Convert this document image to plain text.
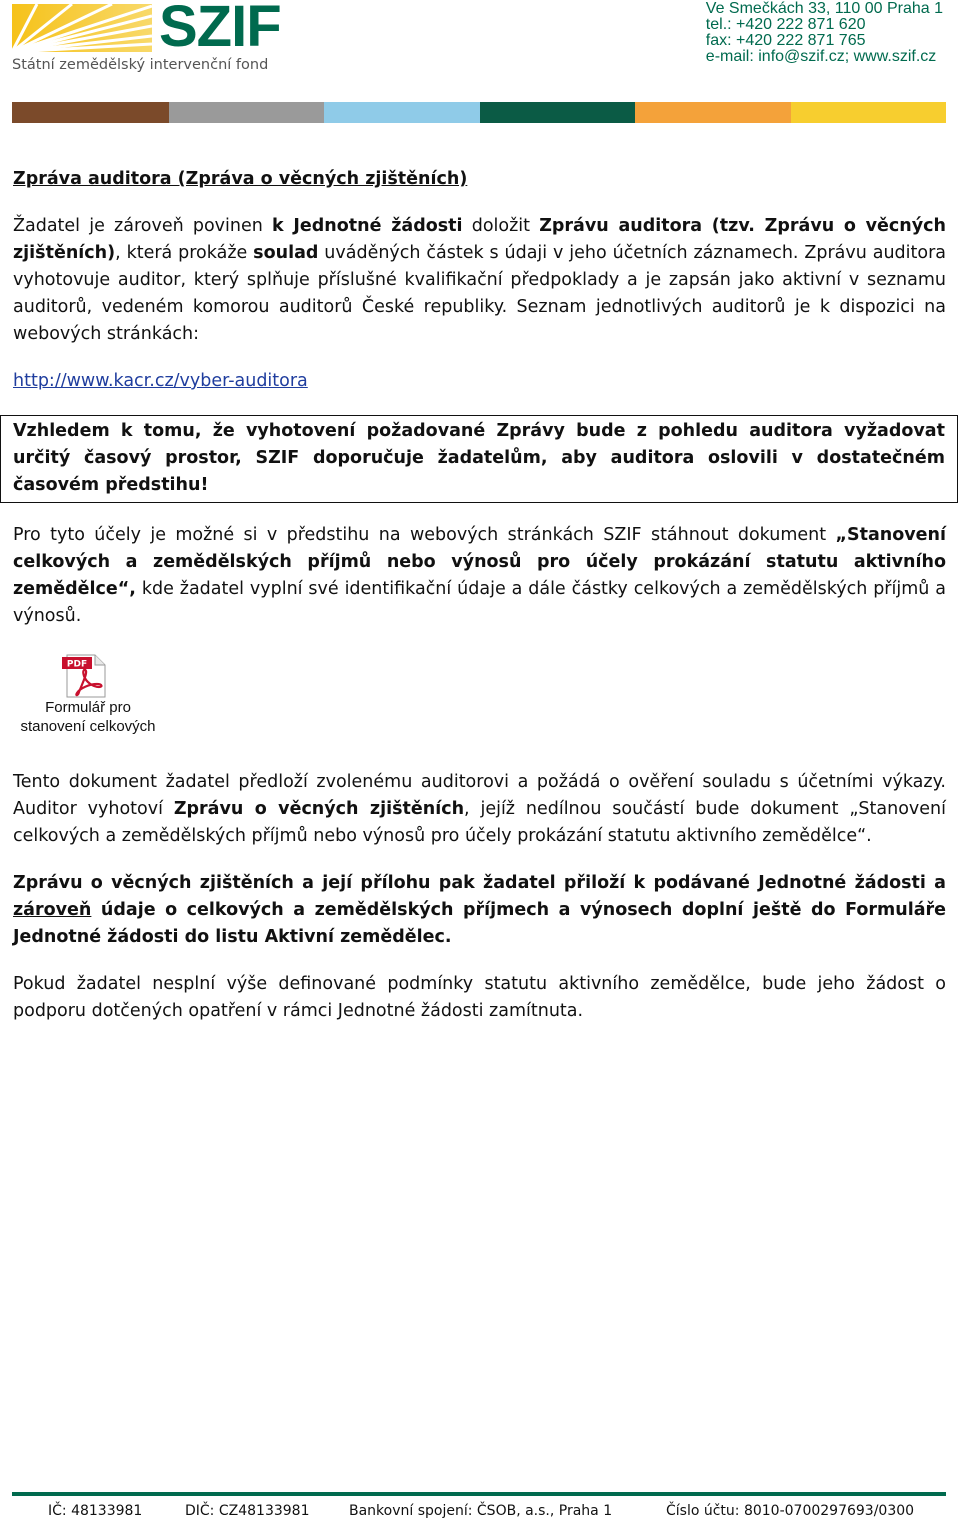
SZIF
Státní zemědělský intervenční fond
Ve Smečkách 33, 110 00 Praha 1
tel.: +420 222 871 620
fax: +420 222 871 765
e-mail: info@szif.cz; www.szif.cz
Zpráva auditora (Zpráva o věcných zjištěních)

Žadatel je zároveň povinen k Jednotné žádosti doložit Zprávu auditora (tzv. Zprávu o věcných zjištěních), která prokáže soulad uváděných částek s údaji v jeho účetních záznamech. Zprávu auditora vyhotovuje auditor, který splňuje příslušné kvalifikační předpoklady a je zapsán jako aktivní v seznamu auditorů, vedeném komorou auditorů České republiky. Seznam jednotlivých auditorů je k dispozici na webových stránkách:

http://www.kacr.cz/vyber-auditora

Vzhledem k tomu, že vyhotovení požadované Zprávy bude z pohledu auditora vyžadovat určitý časový prostor, SZIF doporučuje žadatelům, aby auditora oslovili v dostatečném časovém předstihu!

Pro tyto účely je možné si v předstihu na webových stránkách SZIF stáhnout dokument „Stanovení celkových a zemědělských příjmů nebo výnosů pro účely prokázání statutu aktivního zemědělce“, kde žadatel vyplní své identifikační údaje a dále částky celkových a zemědělských příjmů a výnosů.

PDF
Formulář pro
stanovení celkových

Tento dokument žadatel předloží zvolenému auditorovi a požádá o ověření souladu s účetními výkazy. Auditor vyhotoví Zprávu o věcných zjištěních, jejíž nedílnou součástí bude dokument „Stanovení celkových a zemědělských příjmů nebo výnosů pro účely prokázání statutu aktivního zemědělce“.

Zprávu o věcných zjištěních a její přílohu pak žadatel přiloží k podávané Jednotné žádosti a zároveň údaje o celkových a zemědělských příjmech a výnosech doplní ještě do Formuláře Jednotné žádosti do listu Aktivní zemědělec.

Pokud žadatel nesplní výše definované podmínky statutu aktivního zemědělce, bude jeho žádost o podporu dotčených opatření v rámci Jednotné žádosti zamítnuta.

IČ: 48133981	DIČ: CZ48133981	Bankovní spojení: ČSOB, a.s., Praha 1	Číslo účtu: 8010-0700297693/0300
